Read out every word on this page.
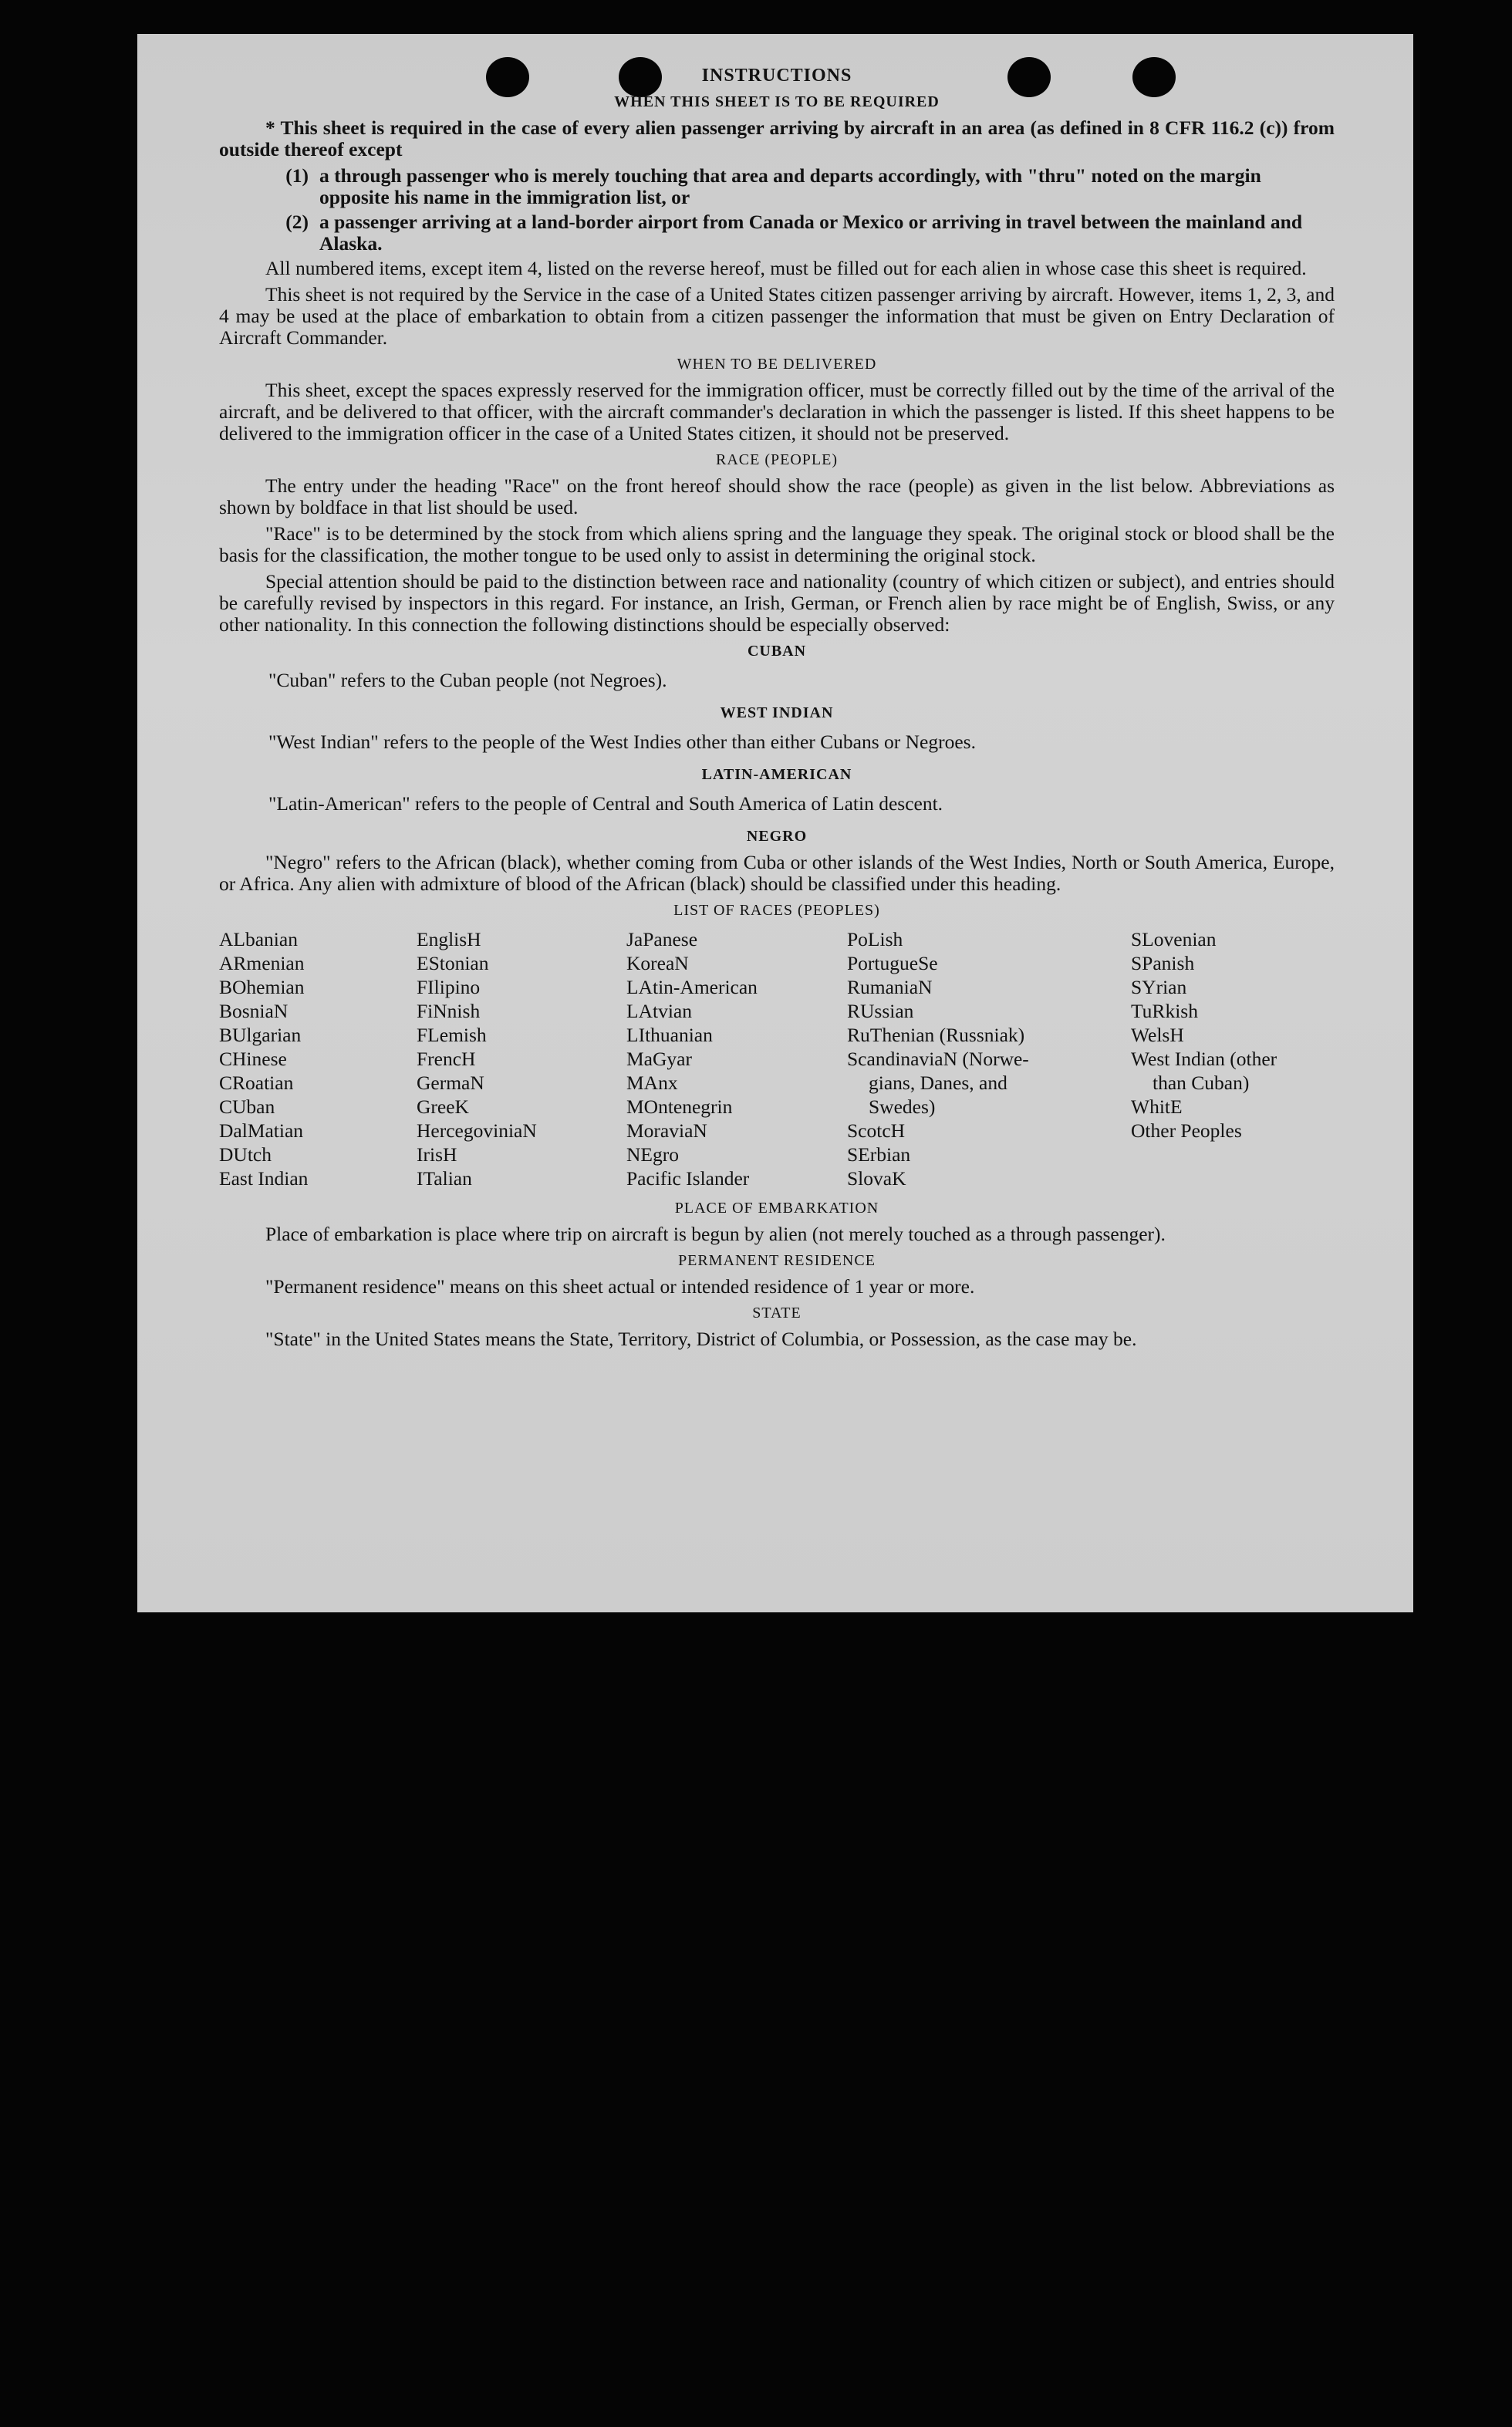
INSTRUCTIONS
WHEN THIS SHEET IS TO BE REQUIRED

* This sheet is required in the case of every alien passenger arriving by aircraft in an area (as defined in 8 CFR 116.2 (c)) from outside thereof except

(1) a through passenger who is merely touching that area and departs accordingly, with "thru" noted on the margin opposite his name in the immigration list, or
(2) a passenger arriving at a land-border airport from Canada or Mexico or arriving in travel between the mainland and Alaska.

All numbered items, except item 4, listed on the reverse hereof, must be filled out for each alien in whose case this sheet is required.

This sheet is not required by the Service in the case of a United States citizen passenger arriving by aircraft. However, items 1, 2, 3, and 4 may be used at the place of embarkation to obtain from a citizen passenger the information that must be given on Entry Declaration of Aircraft Commander.

WHEN TO BE DELIVERED

This sheet, except the spaces expressly reserved for the immigration officer, must be correctly filled out by the time of the arrival of the aircraft, and be delivered to that officer, with the aircraft commander's declaration in which the passenger is listed. If this sheet happens to be delivered to the immigration officer in the case of a United States citizen, it should not be preserved.

RACE (PEOPLE)

The entry under the heading "Race" on the front hereof should show the race (people) as given in the list below. Abbreviations as shown by boldface in that list should be used.

"Race" is to be determined by the stock from which aliens spring and the language they speak. The original stock or blood shall be the basis for the classification, the mother tongue to be used only to assist in determining the original stock.

Special attention should be paid to the distinction between race and nationality (country of which citizen or subject), and entries should be carefully revised by inspectors in this regard. For instance, an Irish, German, or French alien by race might be of English, Swiss, or any other nationality. In this connection the following distinctions should be especially observed:

CUBAN
"Cuban" refers to the Cuban people (not Negroes).
WEST INDIAN
"West Indian" refers to the people of the West Indies other than either Cubans or Negroes.
LATIN-AMERICAN
"Latin-American" refers to the people of Central and South America of Latin descent.
NEGRO

"Negro" refers to the African (black), whether coming from Cuba or other islands of the West Indies, North or South America, Europe, or Africa. Any alien with admixture of blood of the African (black) should be classified under this heading.

LIST OF RACES (PEOPLES)
ALbanian
ARmenian
BOhemian
BosniaN
BUlgarian
CHinese
CRoatian
CUban
DalMatian
DUtch
East Indian
EnglisH
EStonian
FIlipino
FiNnish
FLemish
FrencH
GermaN
GreeK
HercegoviniaN
IrisH
ITalian
JaPanese
KoreaN
LAtin-American
LAtvian
LIthuanian
MaGyar
MAnx
MOntenegrin
MoraviaN
NEgro
Pacific Islander
PoLish
PortugueSe
RumaniaN
RUssian
RuThenian (Russniak)
ScandinaviaN (Norwe-
gians, Danes, and
Swedes)
ScotcH
SErbian
SlovaK
SLovenian
SPanish
SYrian
TuRkish
WelsH
West Indian (other
than Cuban)
WhitE
Other Peoples
PLACE OF EMBARKATION

Place of embarkation is place where trip on aircraft is begun by alien (not merely touched as a through passenger).

PERMANENT RESIDENCE

"Permanent residence" means on this sheet actual or intended residence of 1 year or more.

STATE

"State" in the United States means the State, Territory, District of Columbia, or Possession, as the case may be.
